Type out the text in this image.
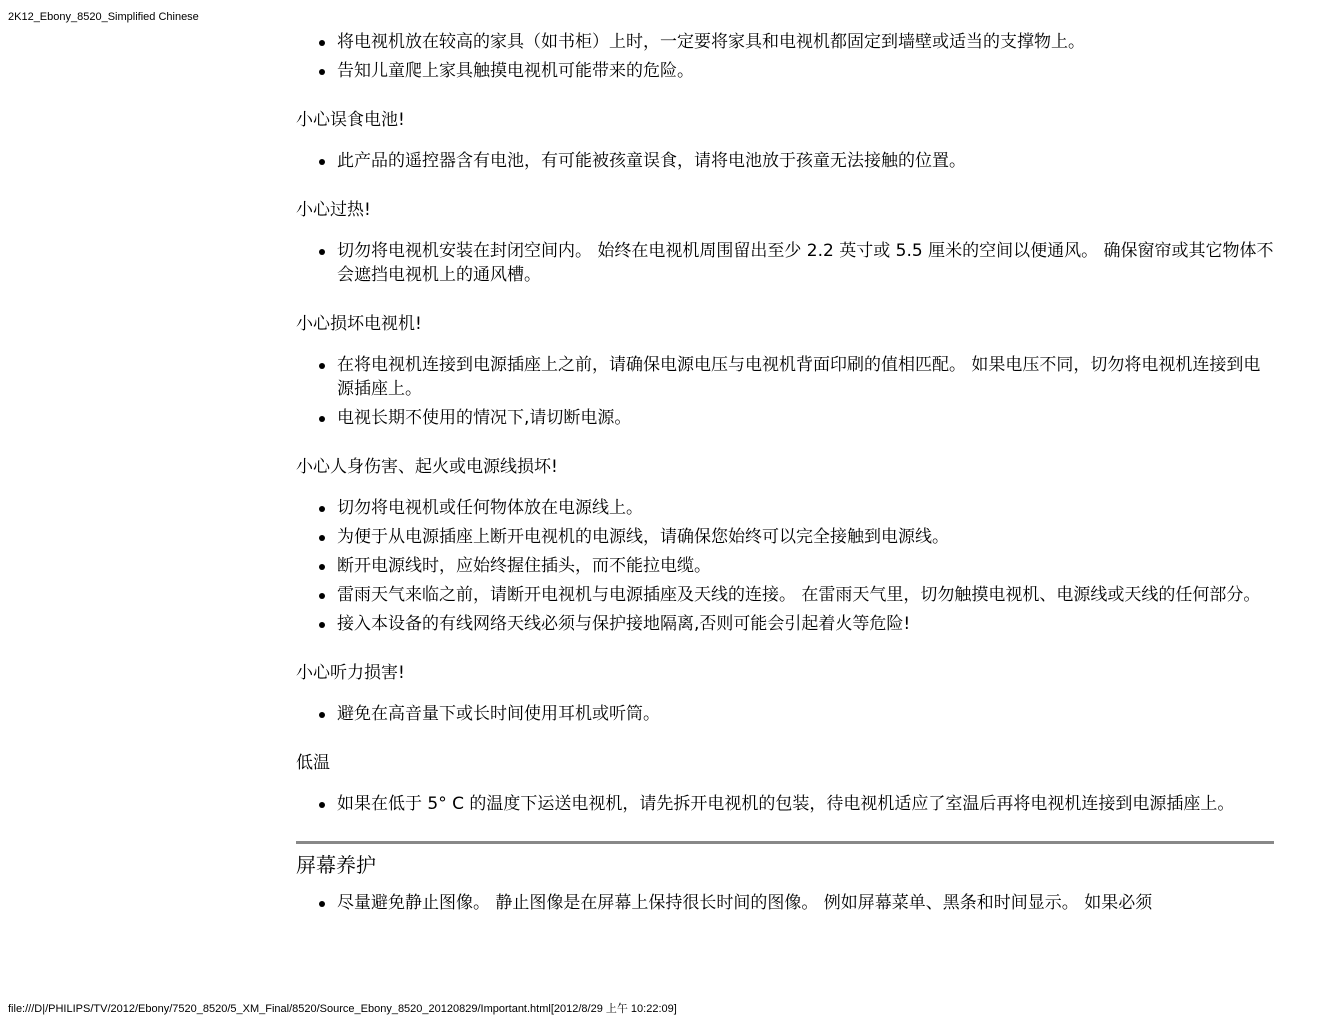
2K12_Ebony_8520_Simplified Chinese
将电视机放在较高的家具（如书柜）上时，一定要将家具和电视机都固定到墙壁或适当的支撑物上。
告知儿童爬上家具触摸电视机可能带来的危险。
小心误食电池!
此产品的遥控器含有电池，有可能被孩童误食，请将电池放于孩童无法接触的位置。
小心过热!
切勿将电视机安装在封闭空间内。 始终在电视机周围留出至少 2.2 英寸或 5.5 厘米的空间以便通风。 确保窗帘或其它物体不会遮挡电视机上的通风槽。
小心损坏电视机!
在将电视机连接到电源插座上之前，请确保电源电压与电视机背面印刷的值相匹配。 如果电压不同，切勿将电视机连接到电源插座上。
电视长期不使用的情况下,请切断电源。
小心人身伤害、起火或电源线损坏!
切勿将电视机或任何物体放在电源线上。
为便于从电源插座上断开电视机的电源线，请确保您始终可以完全接触到电源线。
断开电源线时，应始终握住插头，而不能拉电缆。
雷雨天气来临之前，请断开电视机与电源插座及天线的连接。 在雷雨天气里，切勿触摸电视机、电源线或天线的任何部分。
接入本设备的有线网络天线必须与保护接地隔离,否则可能会引起着火等危险!
小心听力损害!
避免在高音量下或长时间使用耳机或听筒。
低温
如果在低于 5° C 的温度下运送电视机，请先拆开电视机的包装，待电视机适应了室温后再将电视机连接到电源插座上。
屏幕养护
尽量避免静止图像。 静止图像是在屏幕上保持很长时间的图像。 例如屏幕菜单、黑条和时间显示。 如果必须
file:///D|/PHILIPS/TV/2012/Ebony/7520_8520/5_XM_Final/8520/Source_Ebony_8520_20120829/Important.html[2012/8/29 上午 10:22:09]
